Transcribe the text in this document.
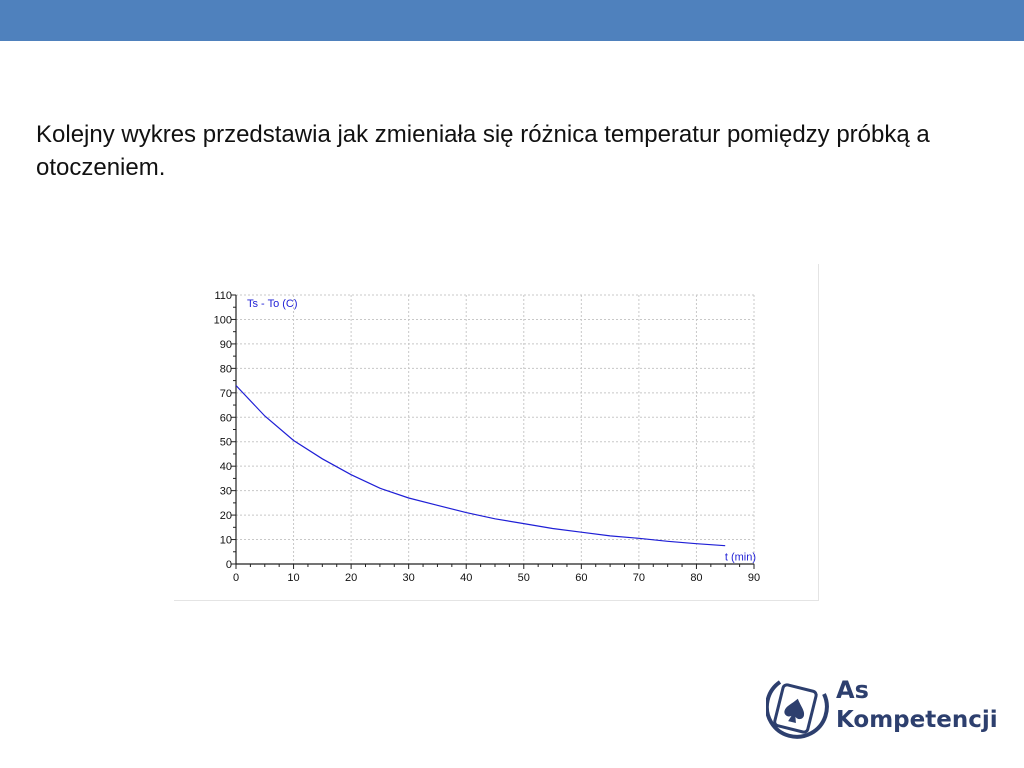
Kolejny wykres przedstawia jak zmieniała się różnica temperatur pomiędzy próbką a otoczeniem.
0
10
20
30
40
50
60
70
80
90
100
110
0	10	20	30	40	50	60	70	80	90
Ts - To (C)
t (min)
As
Kompetencji
